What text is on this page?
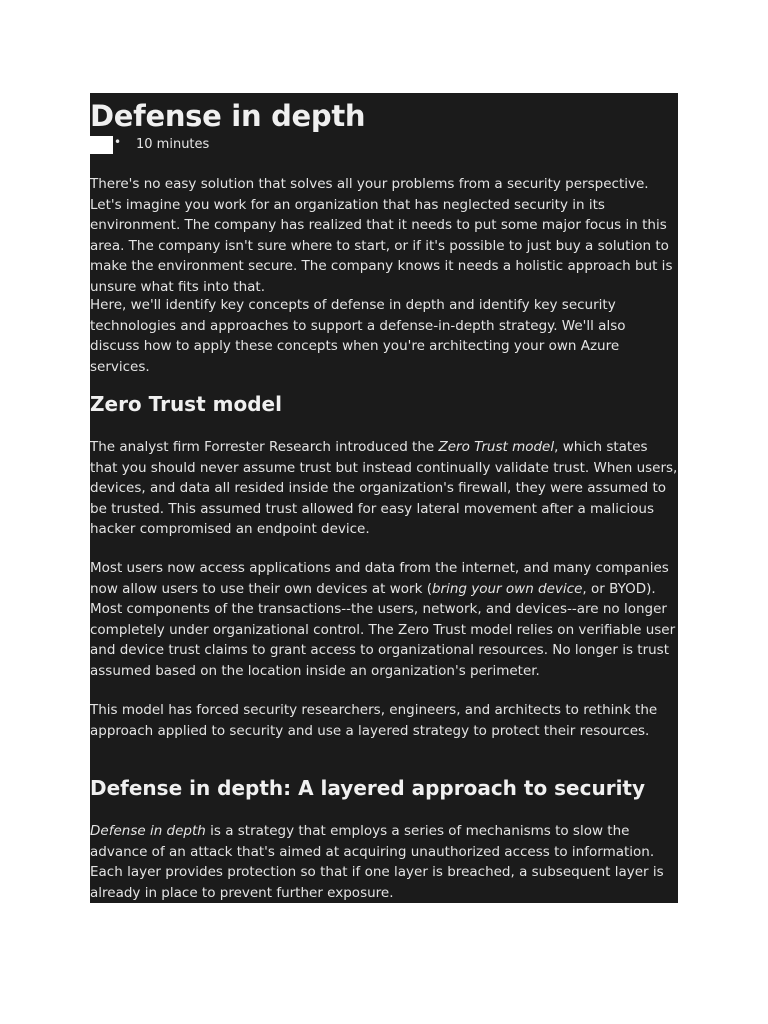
Defense in depth
• 10 minutes

There's no easy solution that solves all your problems from a security perspective. Let's imagine you work for an organization that has neglected security in its environment. The company has realized that it needs to put some major focus in this area. The company isn't sure where to start, or if it's possible to just buy a solution to make the environment secure. The company knows it needs a holistic approach but is unsure what fits into that.

Here, we'll identify key concepts of defense in depth and identify key security technologies and approaches to support a defense-in-depth strategy. We'll also discuss how to apply these concepts when you're architecting your own Azure services.

Zero Trust model

The analyst firm Forrester Research introduced the Zero Trust model, which states that you should never assume trust but instead continually validate trust. When users, devices, and data all resided inside the organization's firewall, they were assumed to be trusted. This assumed trust allowed for easy lateral movement after a malicious hacker compromised an endpoint device.

Most users now access applications and data from the internet, and many companies now allow users to use their own devices at work (bring your own device, or BYOD). Most components of the transactions--the users, network, and devices--are no longer completely under organizational control. The Zero Trust model relies on verifiable user and device trust claims to grant access to organizational resources. No longer is trust assumed based on the location inside an organization's perimeter.

This model has forced security researchers, engineers, and architects to rethink the approach applied to security and use a layered strategy to protect their resources.

Defense in depth: A layered approach to security

Defense in depth is a strategy that employs a series of mechanisms to slow the advance of an attack that's aimed at acquiring unauthorized access to information. Each layer provides protection so that if one layer is breached, a subsequent layer is already in place to prevent further exposure.
